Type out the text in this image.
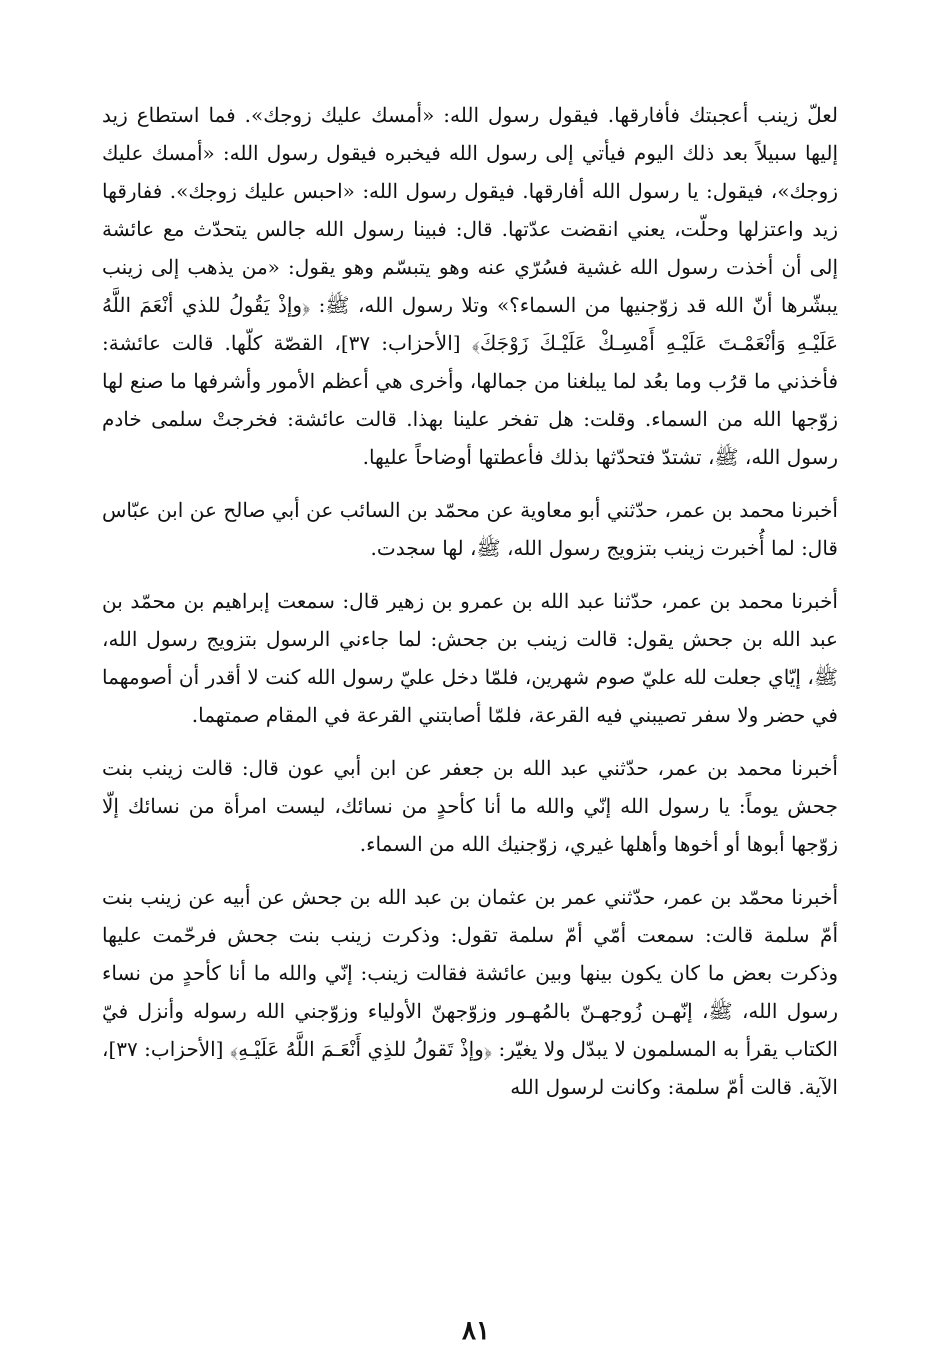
لعلّ زينب أعجبتك فأفارقها. فيقول رسول الله: «أمسك عليك زوجك». فما استطاع زيد إليها سبيلاً بعد ذلك اليوم فيأتي إلى رسول الله فيخبره فيقول رسول الله: «أمسك عليك زوجك»، فيقول: يا رسول الله أفارقها. فيقول رسول الله: «احبس عليك زوجك». ففارقها زيد واعتزلها وحلّت، يعني انقضت عدّتها. قال: فبينا رسول الله جالس يتحدّث مع عائشة إلى أن أخذت رسول الله غشية فسُرّي عنه وهو يتبسّم وهو يقول: «من يذهب إلى زينب يبشّرها أنّ الله قد زوّجنيها من السماء؟» وتلا رسول الله، ﷺ: ﴿وإذْ يَقُولُ للذي أنْعَمَ اللَّهُ عَلَيْـهِ وَأنْعَمْـتَ عَلَيْـهِ أَمْسِـكْ عَلَيْـكَ زَوْجَكَ﴾ [الأحزاب: ٣٧]، القصّة كلّها. قالت عائشة: فأخذني ما قرُب وما بعُد لما يبلغنا من جمالها، وأخرى هي أعظم الأمور وأشرفها ما صنع لها زوّجها الله من السماء. وقلت: هل تفخر علينا بهذا. قالت عائشة: فخرجتْ سلمى خادم رسول الله، ﷺ، تشتدّ فتحدّثها بذلك فأعطتها أوضاحاً عليها.

أخبرنا محمد بن عمر، حدّثني أبو معاوية عن محمّد بن السائب عن أبي صالح عن ابن عبّاس قال: لما أُخبرت زينب بتزويج رسول الله، ﷺ، لها سجدت.

أخبرنا محمد بن عمر، حدّثنا عبد الله بن عمرو بن زهير قال: سمعت إبراهيم بن محمّد بن عبد الله بن جحش يقول: قالت زينب بن جحش: لما جاءني الرسول بتزويج رسول الله، ﷺ، إيّاي جعلت لله عليّ صوم شهرين، فلمّا دخل عليّ رسول الله كنت لا أقدر أن أصومهما في حضر ولا سفر تصيبني فيه القرعة، فلمّا أصابتني القرعة في المقام صمتهما.

أخبرنا محمد بن عمر، حدّثني عبد الله بن جعفر عن ابن أبي عون قال: قالت زينب بنت جحش يوماً: يا رسول الله إنّي والله ما أنا كأحدٍ من نسائك، ليست امرأة من نسائك إلّا زوّجها أبوها أو أخوها وأهلها غيري، زوّجنيك الله من السماء.

أخبرنا محمّد بن عمر، حدّثني عمر بن عثمان بن عبد الله بن جحش عن أبيه عن زينب بنت أمّ سلمة قالت: سمعت أمّي أمّ سلمة تقول: وذكرت زينب بنت جحش فرحّمت عليها وذكرت بعض ما كان يكون بينها وبين عائشة فقالت زينب: إنّي والله ما أنا كأحدٍ من نساء رسول الله، ﷺ، إنّهـن زُوجهـنّ بالمُهـور وزوّجهنّ الأولياء وزوّجني الله رسوله وأنزل فيّ الكتاب يقرأ به المسلمون لا يبدّل ولا يغيّر: ﴿وإذْ تَقولُ للذِي أَنْعَـمَ اللَّهُ عَلَيْـهِ﴾ [الأحزاب: ٣٧]، الآية. قالت أمّ سلمة: وكانت لرسول الله

٨١
